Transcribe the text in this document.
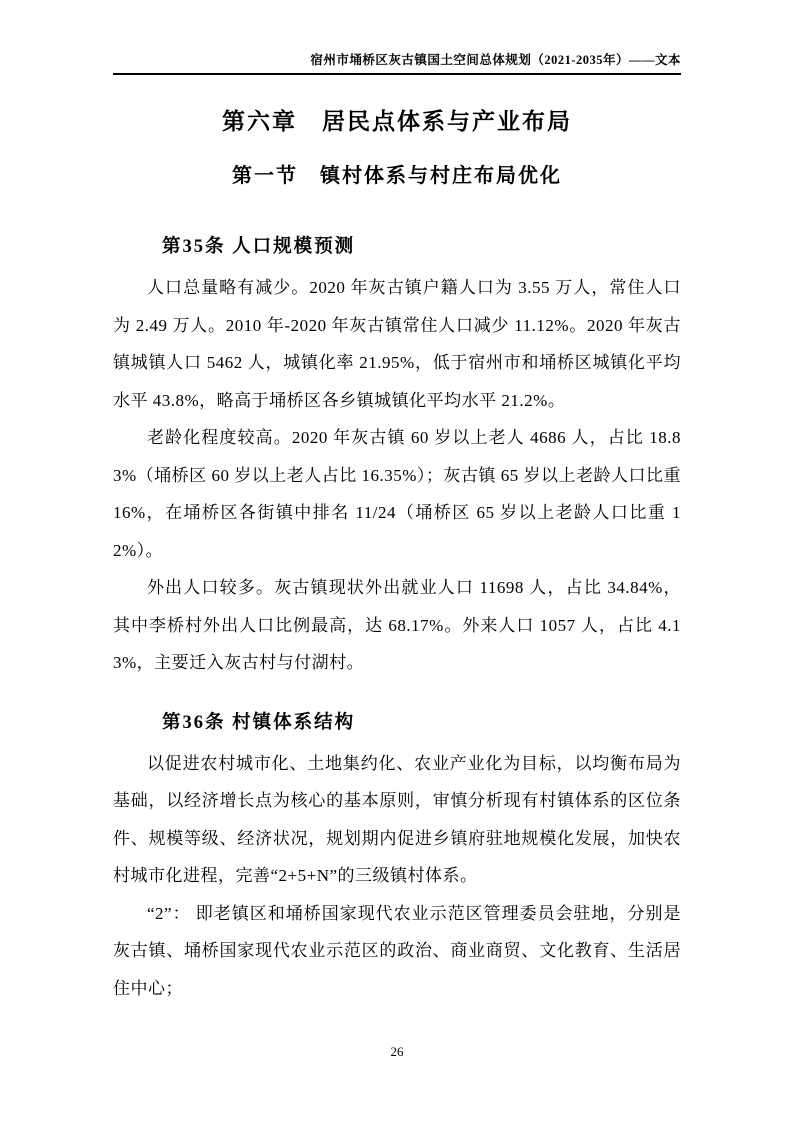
宿州市埇桥区灰古镇国土空间总体规划（2021-2035年）——文本
第六章　居民点体系与产业布局
第一节　镇村体系与村庄布局优化
第35条 人口规模预测

人口总量略有减少。2020 年灰古镇户籍人口为 3.55 万人，常住人口为 2.49 万人。2010 年-2020 年灰古镇常住人口减少 11.12%。2020 年灰古镇城镇人口 5462 人，城镇化率 21.95%，低于宿州市和埇桥区城镇化平均水平 43.8%，略高于埇桥区各乡镇城镇化平均水平 21.2%。

老龄化程度较高。2020 年灰古镇 60 岁以上老人 4686 人，占比 18.83%（埇桥区 60 岁以上老人占比 16.35%）；灰古镇 65 岁以上老龄人口比重 16%，在埇桥区各街镇中排名 11/24（埇桥区 65 岁以上老龄人口比重 12%）。

外出人口较多。灰古镇现状外出就业人口 11698 人，占比 34.84%，其中李桥村外出人口比例最高，达 68.17%。外来人口 1057 人，占比 4.13%，主要迁入灰古村与付湖村。

第36条 村镇体系结构

以促进农村城市化、土地集约化、农业产业化为目标，以均衡布局为基础，以经济增长点为核心的基本原则，审慎分析现有村镇体系的区位条件、规模等级、经济状况，规划期内促进乡镇府驻地规模化发展，加快农村城市化进程，完善“2+5+N”的三级镇村体系。

“2”： 即老镇区和埇桥国家现代农业示范区管理委员会驻地，分别是灰古镇、埇桥国家现代农业示范区的政治、商业商贸、文化教育、生活居住中心；

26
